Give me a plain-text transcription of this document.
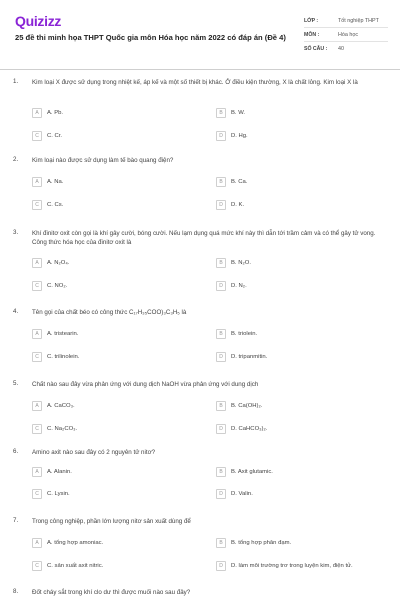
Quizizz
25 đề thi minh họa THPT Quốc gia môn Hóa học năm 2022 có đáp án (Đề 4)
LỚP :	Tốt nghiệp THPT
MÔN :	Hóa học
SỐ CÂU :	40
1. Kim loại X được sử dụng trong nhiệt kế, áp kế và một số thiết bị khác. Ở điều kiện thường, X là chất lỏng. Kim loại X là
A	A. Pb.	B	B. W.
C	C. Cr.	D	D. Hg.
2. Kim loại nào được sử dụng làm tế bào quang điện?
A	A. Na.	B	B. Ca.
C	C. Cs.	D	D. K.
3. Khí đinitơ oxit còn gọi là khí gây cười, bóng cười. Nếu lạm dụng quá mức khí này thì dẫn tới trầm cảm và có thể gây tử vong. Công thức hóa học của đinitơ oxit là
A	A. N₂O₄.	B	B. N₂O.
C	C. NO₂.	D	D. N₂.
4. Tên gọi của chất béo có công thức C₁₇H₃₅COO)₃C₃H₅ là
A	A. tristearin.	B	B. triolein.
C	C. trilinolein.	D	D. tripanmitin.
5. Chất nào sau đây vừa phản ứng với dung dịch NaOH vừa phản ứng với dung dịch
A	A. CaCO₃.	B	B. Ca(OH)₂.
C	C. Na₂CO₃.	D	D. CaHCO₃)₂.
6. Amino axit nào sau đây có 2 nguyên tử nitơ?
A	A. Alanin.	B	B. Axit glutamic.
C	C. Lysin.	D	D. Valin.
7. Trong công nghiệp, phần lớn lượng nitơ sản xuất dùng để
A	A. tổng hợp amoniac.	B	B. tổng hợp phân đạm.
C	C. sản xuất axit nitric.	D	D. làm môi trường trơ trong luyện kim, điện tử.
8. Đốt cháy sắt trong khí clo dư thì được muối nào sau đây?
